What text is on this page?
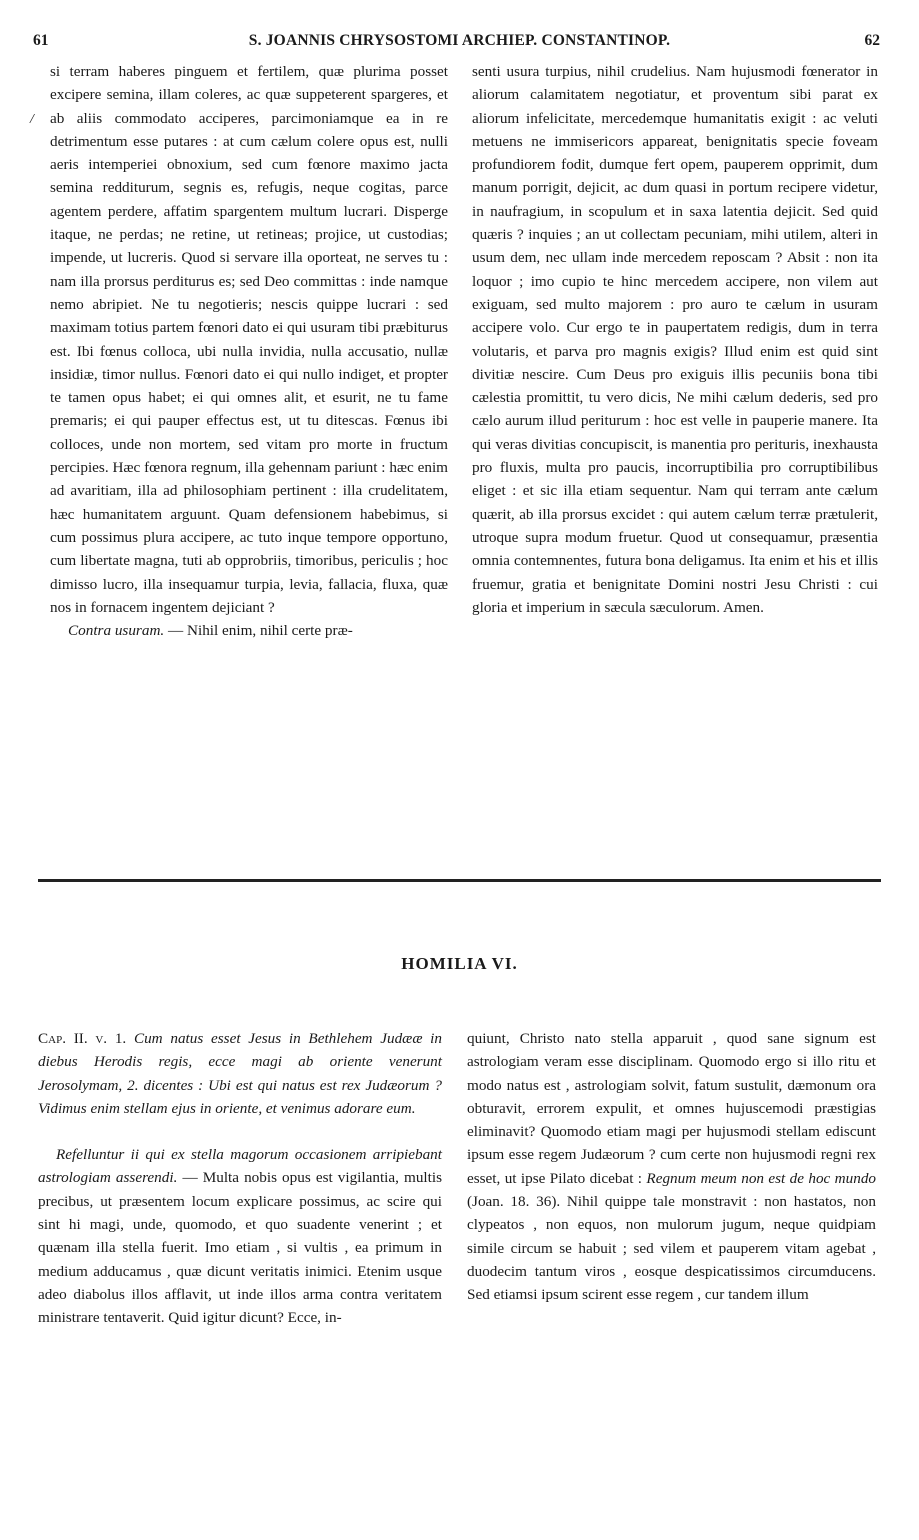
61	S. JOANNIS CHRYSOSTOMI ARCHIEP. CONSTANTINOP.	62
/

si terram haberes pinguem et fertilem, quæ plurima posset excipere semina, illam coleres, ac quæ suppeterent spargeres, et ab aliis commodato acciperes, parcimoniamque ea in re detrimentum esse putares : at cum cælum colere opus est, nulli aeris intemperiei obnoxium, sed cum fœnore maximo jacta semina redditurum, segnis es, refugis, neque cogitas, parce agentem perdere, affatim spargentem multum lucrari. Disperge itaque, ne perdas; ne retine, ut retineas; projice, ut custodias; impende, ut lucreris. Quod si servare illa oporteat, ne serves tu : nam illa prorsus perditurus es; sed Deo committas : inde namque nemo abripiet. Ne tu negotieris; nescis quippe lucrari : sed maximam totius partem fœnori dato ei qui usuram tibi præbiturus est. Ibi fœnus colloca, ubi nulla invidia, nulla accusatio, nullæ insidiæ, timor nullus. Fœnori dato ei qui nullo indiget, et propter te tamen opus habet; ei qui omnes alit, et esurit, ne tu fame premaris; ei qui pauper effectus est, ut tu ditescas. Fœnus ibi colloces, unde non mortem, sed vitam pro morte in fructum percipies. Hæc fœnora regnum, illa gehennam pariunt : hæc enim ad avaritiam, illa ad philosophiam pertinent : illa crudelitatem, hæc humanitatem arguunt. Quam defensionem habebimus, si cum possimus plura accipere, ac tuto inque tempore opportuno, cum libertate magna, tuti ab opprobriis, timoribus, periculis ; hoc dimisso lucro, illa insequamur turpia, levia, fallacia, fluxa, quæ nos in fornacem ingentem dejiciant ?

Contra usuram. — Nihil enim, nihil certe præ-

senti usura turpius, nihil crudelius. Nam hujusmodi fœnerator in aliorum calamitatem negotiatur, et proventum sibi parat ex aliorum infelicitate, mercedemque humanitatis exigit : ac veluti metuens ne immisericors appareat, benignitatis specie foveam profundiorem fodit, dumque fert opem, pauperem opprimit, dum manum porrigit, dejicit, ac dum quasi in portum recipere videtur, in naufragium, in scopulum et in saxa latentia dejicit. Sed quid quæris ? inquies ; an ut collectam pecuniam, mihi utilem, alteri in usum dem, nec ullam inde mercedem reposcam ? Absit : non ita loquor ; imo cupio te hinc mercedem accipere, non vilem aut exiguam, sed multo majorem : pro auro te cælum in usuram accipere volo. Cur ergo te in paupertatem redigis, dum in terra volutaris, et parva pro magnis exigis? Illud enim est quid sint divitiæ nescire. Cum Deus pro exiguis illis pecuniis bona tibi cælestia promittit, tu vero dicis, Ne mihi cælum dederis, sed pro cælo aurum illud periturum : hoc est velle in pauperie manere. Ita qui veras divitias concupiscit, is manentia pro perituris, inexhausta pro fluxis, multa pro paucis, incorruptibilia pro corruptibilibus eliget : et sic illa etiam sequentur. Nam qui terram ante cælum quærit, ab illa prorsus excidet : qui autem cælum terræ prætulerit, utroque supra modum fruetur. Quod ut consequamur, præsentia omnia contemnentes, futura bona deligamus. Ita enim et his et illis fruemur, gratia et benignitate Domini nostri Jesu Christi : cui gloria et imperium in sæcula sæculorum. Amen.

HOMILIA VI.

Cap. II. v. 1. Cum natus esset Jesus in Bethlehem Judææ in diebus Herodis regis, ecce magi ab oriente venerunt Jerosolymam, 2. dicentes : Ubi est qui natus est rex Judæorum ? Vidimus enim stellam ejus in oriente, et venimus adorare eum.

Refelluntur ii qui ex stella magorum occasionem arripiebant astrologiam asserendi. — Multa nobis opus est vigilantia, multis precibus, ut præsentem locum explicare possimus, ac scire qui sint hi magi, unde, quomodo, et quo suadente venerint ; et quænam illa stella fuerit. Imo etiam , si vultis , ea primum in medium adducamus , quæ dicunt veritatis inimici. Etenim usque adeo diabolus illos afflavit, ut inde illos arma contra veritatem ministrare tentaverit. Quid igitur dicunt? Ecce, in-

quiunt, Christo nato stella apparuit , quod sane signum est astrologiam veram esse disciplinam. Quomodo ergo si illo ritu et modo natus est , astrologiam solvit, fatum sustulit, dæmonum ora obturavit, errorem expulit, et omnes hujuscemodi præstigias eliminavit? Quomodo etiam magi per hujusmodi stellam ediscunt ipsum esse regem Judæorum ? cum certe non hujusmodi regni rex esset, ut ipse Pilato dicebat : Regnum meum non est de hoc mundo (Joan. 18. 36). Nihil quippe tale monstravit : non hastatos, non clypeatos , non equos, non mulorum jugum, neque quidpiam simile circum se habuit ; sed vilem et pauperem vitam agebat , duodecim tantum viros , eosque despicatissimos circumducens. Sed etiamsi ipsum scirent esse regem , cur tandem illum
